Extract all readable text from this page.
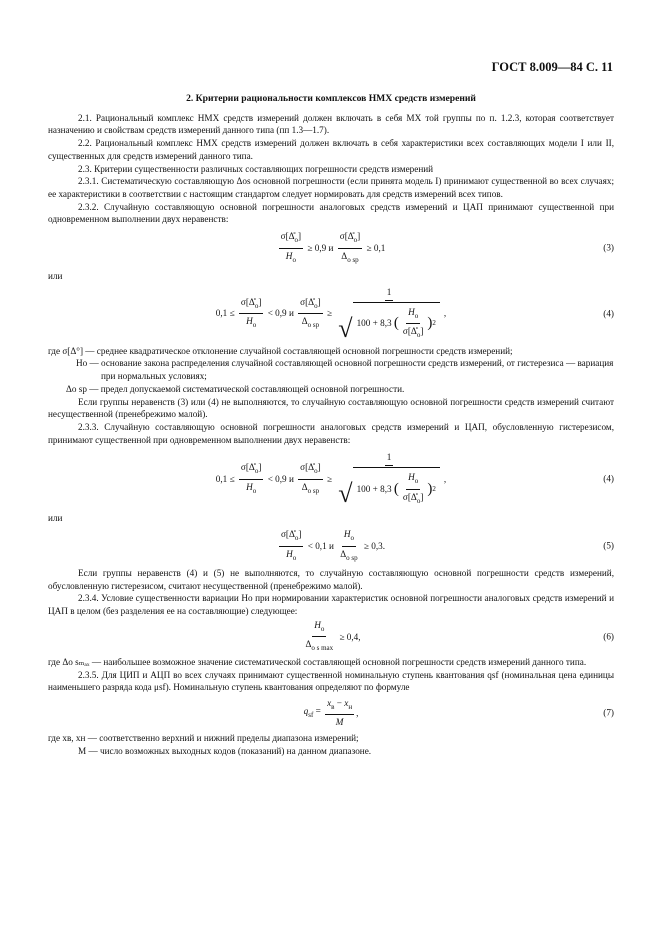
ГОСТ 8.009—84 С. 11
2. Критерии рациональности комплексов НМХ средств измерений

2.1. Рациональный комплекс НМХ средств измерений должен включать в себя МХ той группы по п. 1.2.3, которая соответствует назначению и свойствам средств измерений данного типа (пп 1.3—1.7).

2.2. Рациональный комплекс НМХ средств измерений должен включать в себя характеристики всех составляющих модели I или II, существенных для средств измерений данного типа.

2.3. Критерии существенности различных составляющих погрешности средств измерений

2.3.1. Систематическую составляющую Δos основной погрешности (если принята модель I) принимают существенной во всех случаях; ее характеристики в соответствии с настоящим стандартом следует нормировать для средств измерений всех типов.

2.3.2. Случайную составляющую основной погрешности аналоговых средств измерений и ЦАП принимают существенной при одновременном выполнении двух неравенств:

$\frac{\sigma[\Deltå_o]}{H_o} \ge 0,9$ и $\frac{\sigma[\Deltå_o]}{\Delta_{o sp}} \ge 0,1$	(3)

или

$0,1 \le \frac{\sigma[\Deltå_o]}{H_o} < 0,9$ и $\frac{\sigma[\Deltå_o]}{\Delta_{o sp}} \ge \frac{1}{√ 100 + 8,3 ( \frac{H_o}{\sigma[\Deltå_o]} ) 2}$ ,	(4)
где σ[Δ°] —
среднее квадратическое отклонение случайной составляющей основной погрешности средств измерений;
Hо —
основание закона распределения случайной составляющей основной погрешности средств измерений, от гистерезиса — вариация при нормальных условиях;
Δo sp —
предел допускаемой систематической составляющей основной погрешности.

Если группы неравенств (3) или (4) не выполняются, то случайную составляющую основной погрешности средств измерений считают несущественной (пренебрежимо малой).

2.3.3. Случайную составляющую основной погрешности аналоговых средств измерений и ЦАП, обусловленную гистерезисом, принимают существенной при одновременном выполнении двух неравенств:

$0,1 \le \frac{\sigma[\Deltå_o]}{H_o} < 0,9$ и $\frac{\sigma[\Deltå_o]}{\Delta_{o sp}} \ge \frac{1}{√ 100 + 8,3 ( \frac{H_o}{\sigma[\Deltå_o]} ) 2}$ ,	(4)

или

$\frac{\sigma[\Deltå_o]}{H_o} < 0,1$ и $\frac{H_o}{\Delta_{o sp}} \ge 0,3$.	(5)

Если группы неравенств (4) и (5) не выполняются, то случайную составляющую основной погрешности средств измерений, обусловленную гистерезисом, считают несущественной (пренебрежимо малой).

2.3.4. Условие существенности вариации Hо при нормировании характеристик основной погрешности аналоговых средств измерений и ЦАП в целом (без разделения ее на составляющие) следующее:

$\frac{H_o}{\Delta_{o s max}} \ge 0,4$,	(6)
где Δo sₘₐₓ —
наибольшее возможное значение систематической составляющей основной погрешности средств измерений данного типа.

2.3.5. Для ЦИП и АЦП во всех случаях принимают существенной номинальную ступень квантования qsf (номинальная цена единицы наименьшего разряда кода μsf). Номинальную ступень квантования определяют по формуле

$q_{sf} = \frac{x_в - x_н}{M}$ ,	(7)
где xв, xн —
соответственно верхний и нижний пределы диапазона измерений;
M —
число возможных выходных кодов (показаний) на данном диапазоне.
